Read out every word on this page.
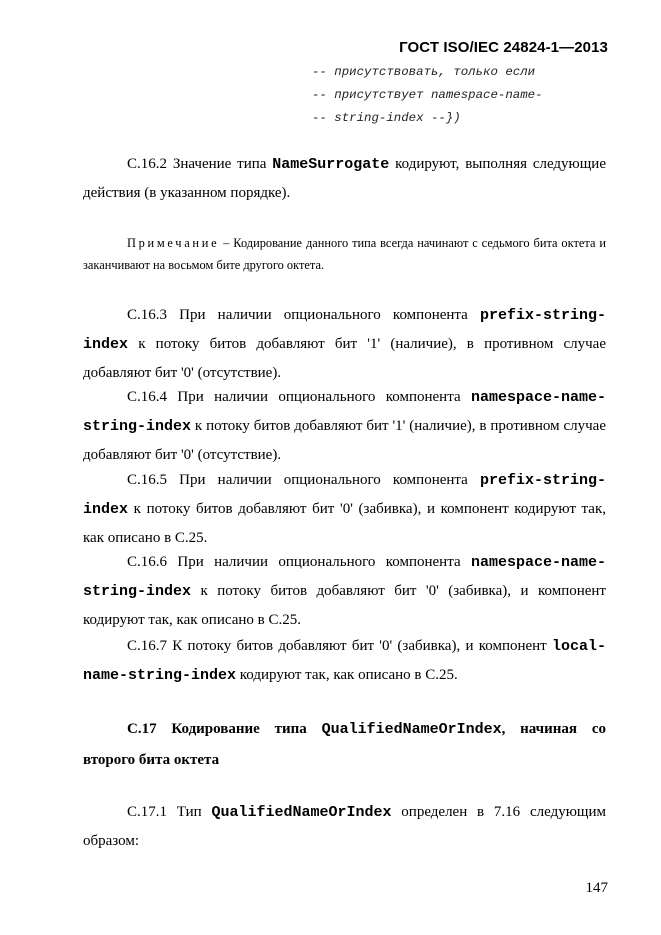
ГОСТ ISO/IEC 24824-1—2013
-- присутствовать, только если
-- присутствует namespace-name-
-- string-index --})

С.16.2 Значение типа NameSurrogate кодируют, выполняя следующие действия (в указанном порядке).

Примечание – Кодирование данного типа всегда начинают с седьмого бита октета и заканчивают на восьмом бите другого октета.

С.16.3 При наличии опционального компонента prefix-string-index к потоку битов добавляют бит '1' (наличие), в противном случае добавляют бит '0' (отсутствие).

С.16.4 При наличии опционального компонента namespace-name-string-index к потоку битов добавляют бит '1' (наличие), в противном случае добавляют бит '0' (отсутствие).

С.16.5 При наличии опционального компонента prefix-string-index к потоку битов добавляют бит '0' (забивка), и компонент кодируют так, как описано в С.25.

С.16.6 При наличии опционального компонента namespace-name-string-index к потоку битов добавляют бит '0' (забивка), и компонент кодируют так, как описано в С.25.

С.16.7 К потоку битов добавляют бит '0' (забивка), и компонент local-name-string-index кодируют так, как описано в С.25.

С.17 Кодирование типа QualifiedNameOrIndex, начиная со второго бита октета

С.17.1 Тип QualifiedNameOrIndex определен в 7.16 следующим образом:

147
